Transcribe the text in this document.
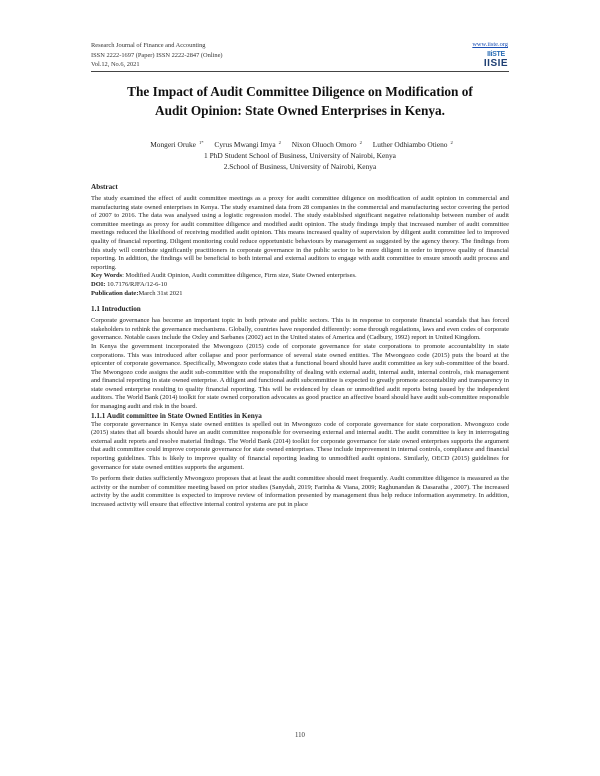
Research Journal of Finance and Accounting
ISSN 2222-1697 (Paper) ISSN 2222-2847 (Online)
Vol.12, No.6, 2021
www.iiste.org
IIiSTE
IISIE
The Impact of Audit Committee Diligence on Modification of
Audit Opinion: State Owned Enterprises in Kenya.
Mongeri Oruke $^{1*}$ Cyrus Mwangi Imya $^2$ Nixon Oluoch Omoro $^2$ Luther Odhiambo Otieno $^2$
1 PhD Student School of Business, University of Nairobi, Kenya
2.School of Business, University of Nairobi, Kenya
Abstract

The study examined the effect of audit committee meetings as a proxy for audit committee diligence on modification of audit opinion in commercial and manufacturing state owned enterprises in Kenya. The study examined data from 28 companies in the commercial and manufacturing sector covering the period of 2007 to 2016. The data was analysed using a logistic regression model. The study established significant negative relationship between number of audit committee meetings as proxy for audit committee diligence and modified audit opinion. The study findings imply that increased number of audit committee meetings reduced the likelihood of receiving modified audit opinion. This means increased quality of supervision by diligent audit committee led to improved quality of financial reporting. Diligent monitoring could reduce opportunistic behaviours by management as suggested by the agency theory. The findings from this study will contribute significantly practitioners in corporate governance in the public sector to be more diligent in order to improve quality of financial reporting. In addition, the findings will be beneficial to both internal and external auditors to engage with audit committee to ensure smooth audit process and reporting.

Key Words: Modified Audit Opinion, Audit committee diligence, Firm size, State Owned enterprises.

DOI: 10.7176/RJFA/12-6-10

Publication date:March 31st 2021

1.1 Introduction

Corporate governance has become an important topic in both private and public sectors. This is in response to corporate financial scandals that has forced stakeholders to rethink the governance mechanisms. Globally, countries have responded differently: some through regulations, laws and even codes of corporate governance. Notable cases include the Oxley and Sarbanes (2002) act in the United states of America and (Cadbury, 1992) report in United Kingdom.

In Kenya the government incorporated the Mwongozo (2015) code of corporate governance for state corporations to promote accountability in state corporations. This was introduced after collapse and poor performance of several state owned entities. The Mwongozo code (2015) puts the board at the epicenter of corporate governance. Specifically, Mwongozo code states that a functional board should have audit committee as key sub-committee of the board. The Mwongozo code assigns the audit sub-committee with the responsibility of dealing with external audit, internal audit, internal controls, risk management and financial reporting in state owned enterprise. A diligent and functional audit subcommittee is expected to greatly promote accountability and transparency in state owned enterprise resulting to quality financial reporting. This will be evidenced by clean or unmodified audit reports being issued by the independent auditors. The World Bank (2014) toolkit for state owned corporation advocates as good practice an affective board should have audit sub-committee responsible for managing audit and risk in the board.

1.1.1 Audit committee in State Owned Entities in Kenya

The corporate governance in Kenya state owned entities is spelled out in Mwongozo code of corporate governance for state corporation. Mwongozo code (2015) states that all boards should have an audit committee responsible for overseeing external and internal audit. The audit committee is key in interrogating external audit reports and resolve material findings. The World Bank (2014) toolkit for corporate governance for state owned enterprises supports the argument that audit committee could improve corporate governance for state owned enterprises. These include improvement in internal controls, compliance and financial reporting guidelines. This is likely to improve quality of financial reporting leading to unmodified audit opinions. Similarly, OECD (2015) guidelines for governance for state owned entities supports the argument.

To perform their duties sufficiently Mwongozo proposes that at least the audit committee should meet frequently. Audit committee diligence is measured as the activity or the number of committee meeting based on prior studies (Sanydah, 2019; Farinha & Viana, 2009; Raghunandan & Dasaratha , 2007). The increased activity by the audit committee is expected to improve review of information presented by management thus help reduce information asymmetry. In addition, increased activity will ensure that effective internal control systems are put in place

110
